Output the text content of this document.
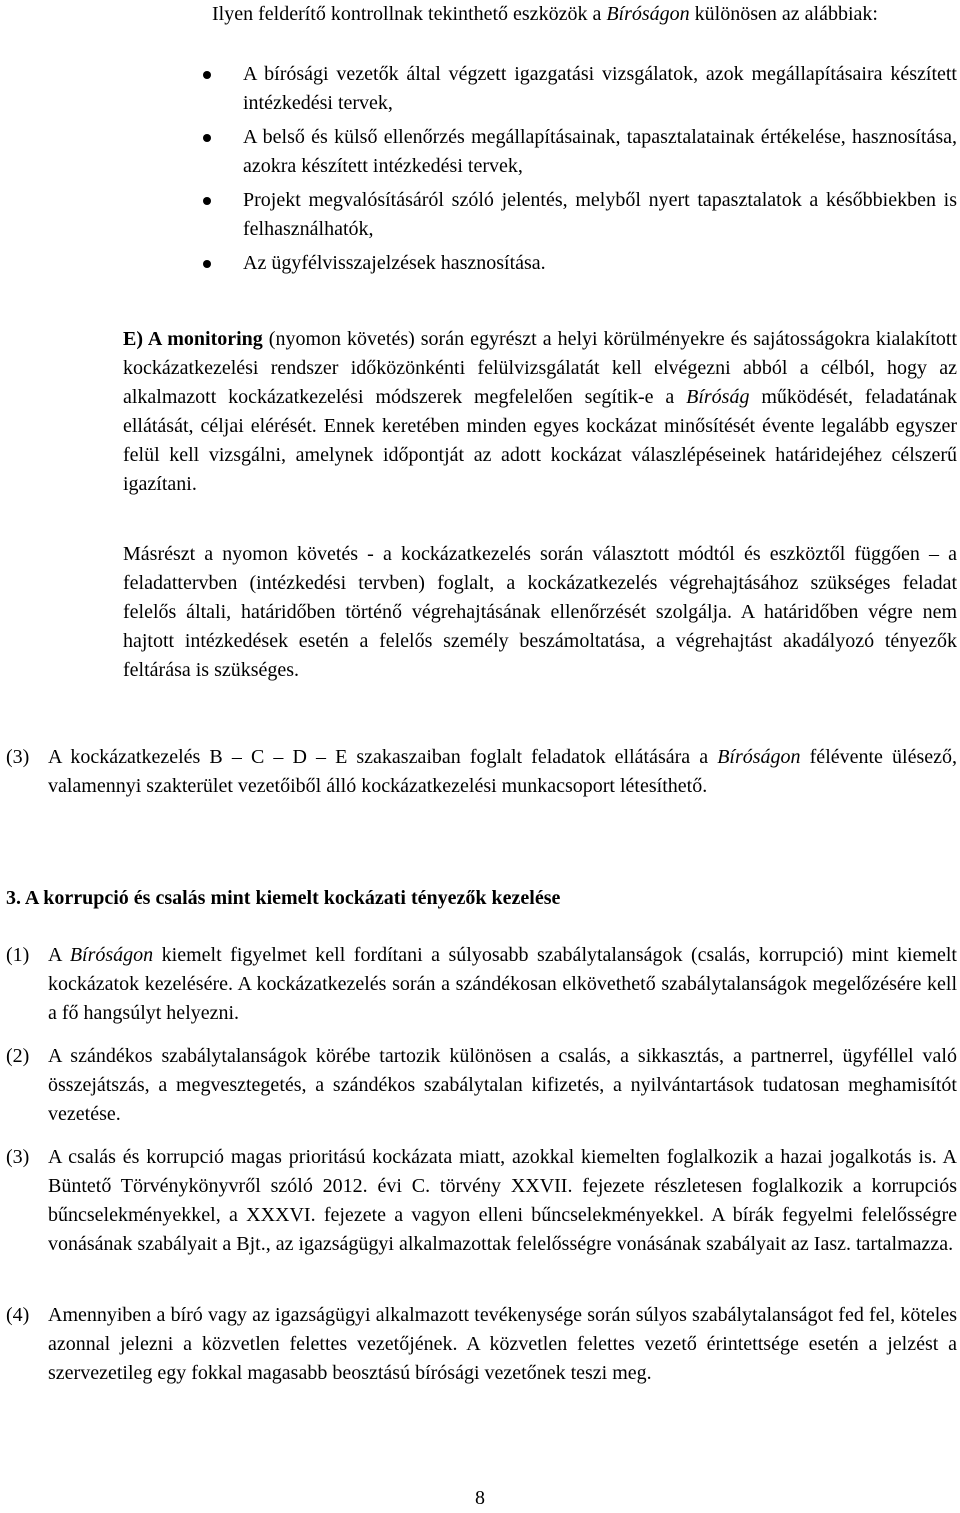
Ilyen felderítő kontrollnak tekinthető eszközök a Bíróságon különösen az alábbiak:

A bírósági vezetők által végzett igazgatási vizsgálatok, azok megállapításaira készített intézkedési tervek,
A belső és külső ellenőrzés megállapításainak, tapasztalatainak értékelése, hasznosítása, azokra készített intézkedési tervek,
Projekt megvalósításáról szóló jelentés, melyből nyert tapasztalatok a későbbiekben is felhasználhatók,
Az ügyfélvisszajelzések hasznosítása.

E) A monitoring (nyomon követés) során egyrészt a helyi körülményekre és sajátosságokra kialakított kockázatkezelési rendszer időközönkénti felülvizsgálatát kell elvégezni abból a célból, hogy az alkalmazott kockázatkezelési módszerek megfelelően segítik-e a Bíróság működését, feladatának ellátását, céljai elérését. Ennek keretében minden egyes kockázat minősítését évente legalább egyszer felül kell vizsgálni, amelynek időpontját az adott kockázat válaszlépéseinek határidejéhez célszerű igazítani.

Másrészt a nyomon követés - a kockázatkezelés során választott módtól és eszköztől függően – a feladattervben (intézkedési tervben) foglalt, a kockázatkezelés végrehajtásához szükséges feladat felelős általi, határidőben történő végrehajtásának ellenőrzését szolgálja. A határidőben végre nem hajtott intézkedések esetén a felelős személy beszámoltatása, a végrehajtást akadályozó tényezők feltárása is szükséges.

(3) A kockázatkezelés B – C – D – E szakaszaiban foglalt feladatok ellátására a Bíróságon félévente ülésező, valamennyi szakterület vezetőiből álló kockázatkezelési munkacsoport létesíthető.

3. A korrupció és csalás mint kiemelt kockázati tényezők kezelése

(1) A Bíróságon kiemelt figyelmet kell fordítani a súlyosabb szabálytalanságok (csalás, korrupció) mint kiemelt kockázatok kezelésére. A kockázatkezelés során a szándékosan elkövethető szabálytalanságok megelőzésére kell a fő hangsúlyt helyezni.
(2) A szándékos szabálytalanságok körébe tartozik különösen a csalás, a sikkasztás, a partnerrel, ügyféllel való összejátszás, a megvesztegetés, a szándékos szabálytalan kifizetés, a nyilvántartások tudatosan meghamisítót vezetése.
(3) A csalás és korrupció magas prioritású kockázata miatt, azokkal kiemelten foglalkozik a hazai jogalkotás is. A Büntető Törvénykönyvről szóló 2012. évi C. törvény XXVII. fejezete részletesen foglalkozik a korrupciós bűncselekményekkel, a XXXVI. fejezete a vagyon elleni bűncselekményekkel. A bírák fegyelmi felelősségre vonásának szabályait a Bjt., az igazságügyi alkalmazottak felelősségre vonásának szabályait az Iasz. tartalmazza.
(4) Amennyiben a bíró vagy az igazságügyi alkalmazott tevékenysége során súlyos szabálytalanságot fed fel, köteles azonnal jelezni a közvetlen felettes vezetőjének. A közvetlen felettes vezető érintettsége esetén a jelzést a szervezetileg egy fokkal magasabb beosztású bírósági vezetőnek teszi meg.
8
